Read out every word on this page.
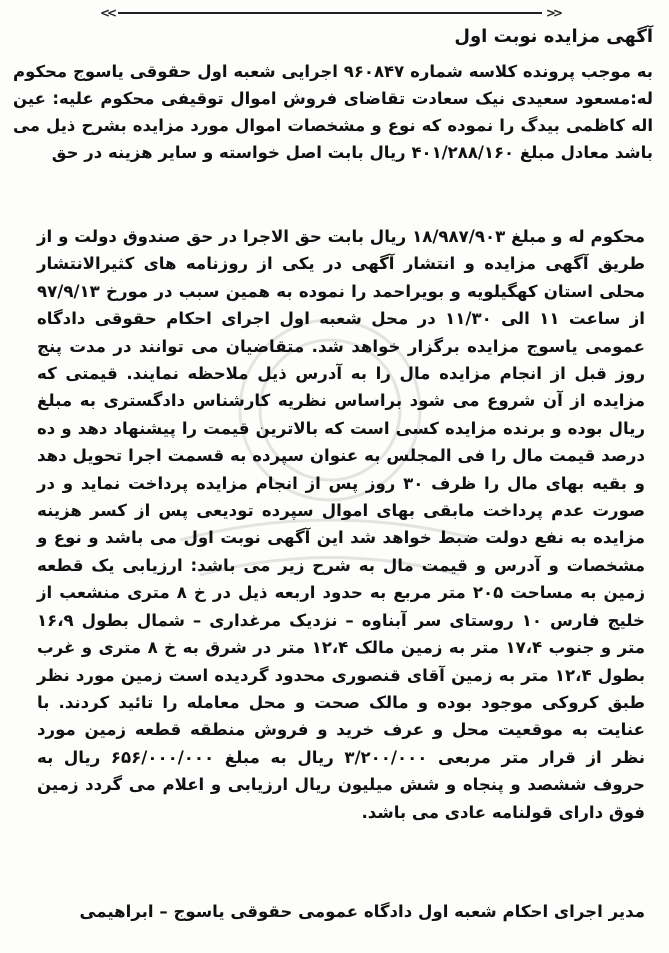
<<	>>
آگهی مزایده نوبت اول
به موجب پرونده کلاسه شماره ۹۶۰۸۴۷ اجرایی شعبه اول حقوقی یاسوج محکوم له:مسعود سعیدی نیک سعادت تقاضای فروش اموال توقیفی محکوم علیه: عین اله کاظمی بیدگ را نموده که نوع و مشخصات اموال مورد مزایده بشرح ذیل می باشد معادل مبلغ ۴۰۱/۲۸۸/۱۶۰ ریال بابت اصل خواسته و سایر هزینه در حق
محکوم له و مبلغ ۱۸/۹۸۷/۹۰۳ ریال بابت حق الاجرا در حق صندوق دولت و از طریق آگهی مزایده و انتشار آگهی در یکی از روزنامه های کثیرالانتشار محلی استان کهگیلویه و بویراحمد را نموده به همین سبب در مورخ ۹۷/۹/۱۳ از ساعت ۱۱ الی ۱۱/۳۰ در محل شعبه اول اجرای احکام حقوقی دادگاه عمومی یاسوج مزایده برگزار خواهد شد. متقاضیان می توانند در مدت پنج روز قبل از انجام مزایده مال را به آدرس ذیل ملاحظه نمایند. قیمتی که مزایده از آن شروع می شود براساس نظریه کارشناس دادگستری به مبلغ ریال بوده و برنده مزایده کسی است که بالاترین قیمت را پیشنهاد دهد و ده درصد قیمت مال را فی المجلس به عنوان سپرده به قسمت اجرا تحویل دهد و بقیه بهای مال را ظرف ۳۰ روز پس از انجام مزایده پرداخت نماید و در صورت عدم پرداخت مابقی بهای اموال سپرده تودیعی پس از کسر هزینه مزایده به نفع دولت ضبط خواهد شد این آگهی نوبت اول می باشد و نوع و مشخصات و آدرس و قیمت مال به شرح زیر می باشد: ارزیابی یک قطعه زمین به مساحت ۲۰۵ متر مربع به حدود اربعه ذیل در خ ۸ متری منشعب از خلیج فارس ۱۰ روستای سر آبناوه – نزدیک مرغداری – شمال بطول ۱۶،۹ متر و جنوب ۱۷،۴ متر به زمین مالک ۱۲،۴ متر در شرق به خ ۸ متری و غرب بطول ۱۲،۴ متر به زمین آقای قنصوری محدود گردیده است زمین مورد نظر طبق کروکی موجود بوده و مالک صحت و محل معامله را تائید کردند. با عنایت به موقعیت محل و عرف خرید و فروش منطقه قطعه زمین مورد نظر از قرار متر مربعی ۳/۲۰۰/۰۰۰ ریال به مبلغ ۶۵۶/۰۰۰/۰۰۰ ریال به حروف ششصد و پنجاه و شش میلیون ریال ارزیابی و اعلام می گردد زمین فوق دارای قولنامه عادی می باشد.
مدیر اجرای احکام شعبه اول دادگاه عمومی حقوقی یاسوج – ابراهیمی
